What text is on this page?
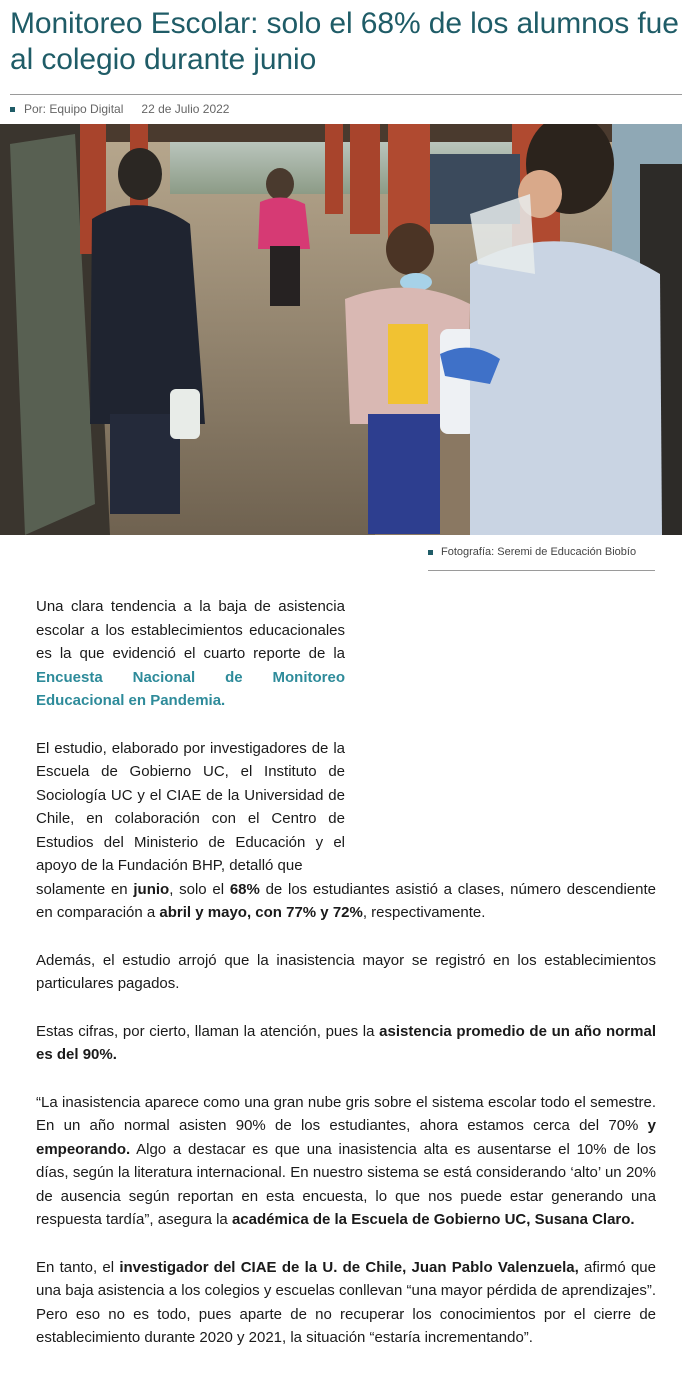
Monitoreo Escolar: solo el 68% de los alumnos fue al colegio durante junio
Por: Equipo Digital 22 de Julio 2022
Fotografía: Seremi de Educación Biobío

Una clara tendencia a la baja de asistencia escolar a los establecimientos educacionales es la que evidenció el cuarto reporte de la Encuesta Nacional de Monitoreo Educacional en Pandemia.

El estudio, elaborado por investigadores de la Escuela de Gobierno UC, el Instituto de Sociología UC y el CIAE de la Universidad de Chile, en colaboración con el Centro de Estudios del Ministerio de Educación y el apoyo de la Fundación BHP, detalló que

solamente en junio, solo el 68% de los estudiantes asistió a clases, número descendiente en comparación a abril y mayo, con 77% y 72%, respectivamente.

Además, el estudio arrojó que la inasistencia mayor se registró en los establecimientos particulares pagados.

Estas cifras, por cierto, llaman la atención, pues la asistencia promedio de un año normal es del 90%.

“La inasistencia aparece como una gran nube gris sobre el sistema escolar todo el semestre. En un año normal asisten 90% de los estudiantes, ahora estamos cerca del 70% y empeorando. Algo a destacar es que una inasistencia alta es ausentarse el 10% de los días, según la literatura internacional. En nuestro sistema se está considerando ‘alto’ un 20% de ausencia según reportan en esta encuesta, lo que nos puede estar generando una respuesta tardía”, asegura la académica de la Escuela de Gobierno UC, Susana Claro.

En tanto, el investigador del CIAE de la U. de Chile, Juan Pablo Valenzuela, afirmó que una baja asistencia a los colegios y escuelas conllevan “una mayor pérdida de aprendizajes”. Pero eso no es todo, pues aparte de no recuperar los conocimientos por el cierre de establecimiento durante 2020 y 2021, la situación “estaría incrementando”.
